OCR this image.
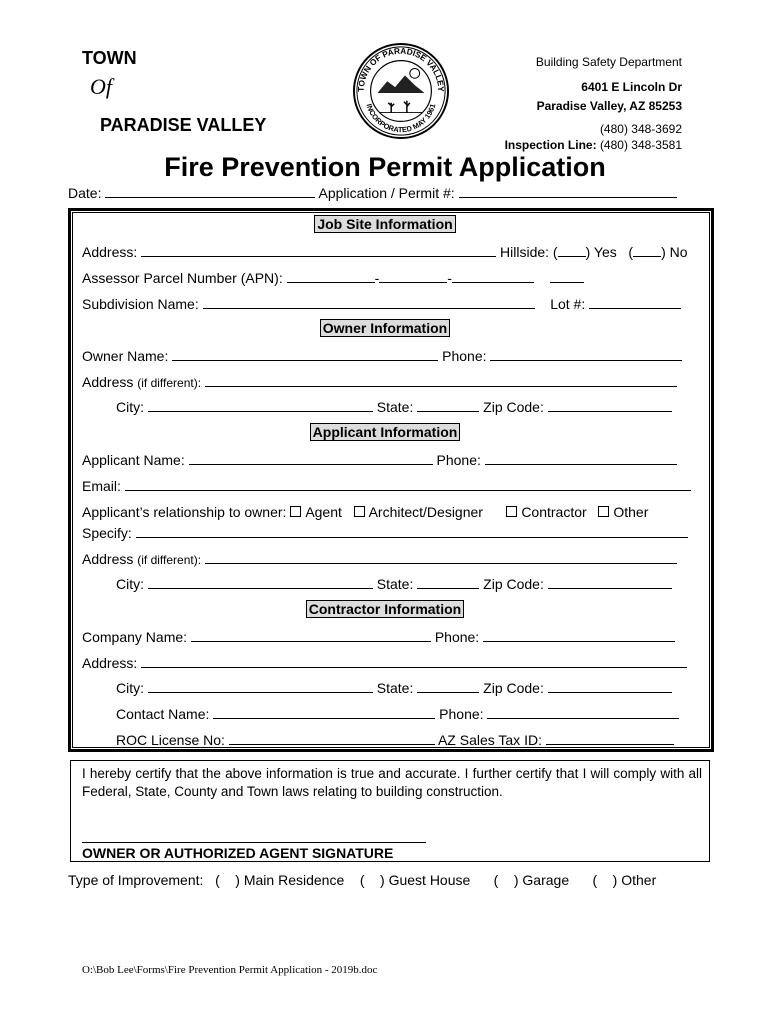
TOWN
Of
PARADISE VALLEY
TOWN OF PARADISE VALLEY
INCORPORATED MAY 1961
Building Safety Department
6401 E Lincoln Dr
Paradise Valley, AZ 85253
(480) 348-3692
Inspection Line: (480) 348-3581
Fire Prevention Permit Application
Date:	Application / Permit #:
Job Site Information
Address:	Hillside: ( ) Yes ( ) No
Assessor Parcel Number (APN):	-	-
Subdivision Name:	Lot #:
Owner Information
Owner Name:	Phone:
Address (if different):
City:	State:	Zip Code:
Applicant Information
Applicant Name:	Phone:
Email:
Applicant’s relationship to owner: Agent Architect/Designer	Contractor Other
Specify:
Address (if different):
City:	State:	Zip Code:
Contractor Information
Company Name:	Phone:
Address:
City:	State:	Zip Code:
Contact Name:	Phone:
ROC License No:	AZ Sales Tax ID:
I hereby certify that the above information is true and accurate. I further certify that I will comply with all Federal, State, County and Town laws relating to building construction.
OWNER OR AUTHORIZED AGENT SIGNATURE
Type of Improvement: (    ) Main Residence (    ) Guest House (    ) Garage (    ) Other
O:\Bob Lee\Forms\Fire Prevention Permit Application - 2019b.doc
